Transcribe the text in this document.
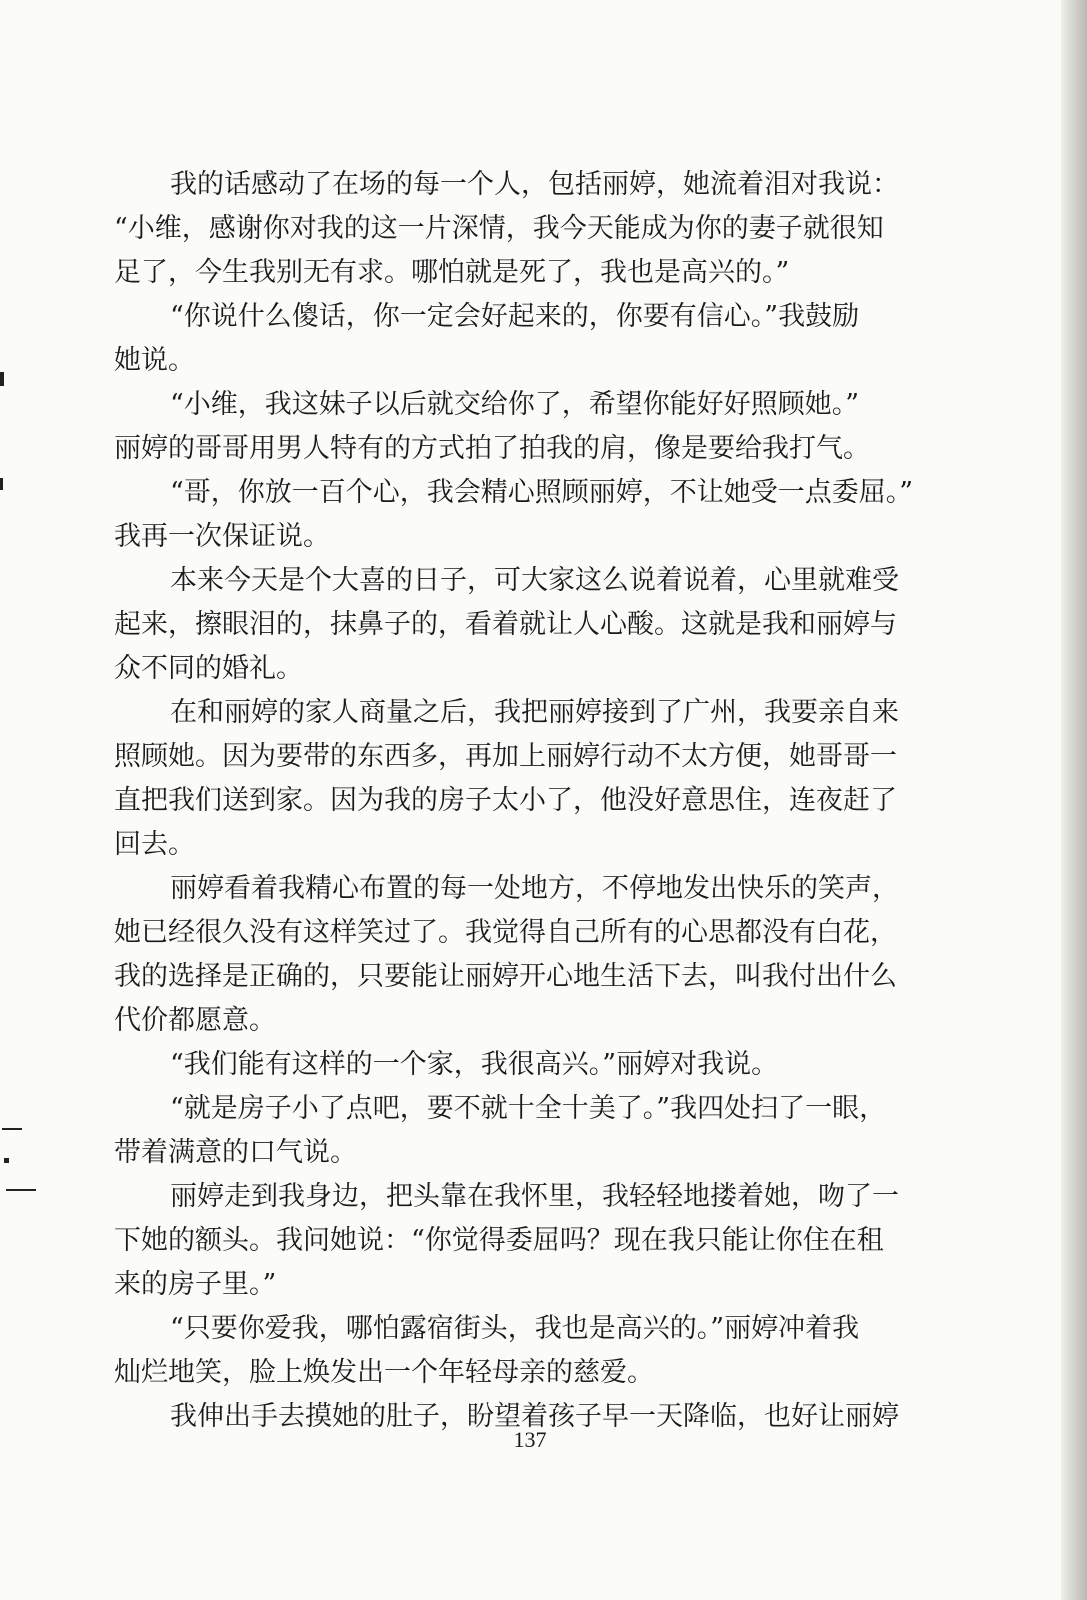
我的话感动了在场的每一个人，包括丽婷，她流着泪对我说：
“小维，感谢你对我的这一片深情，我今天能成为你的妻子就很知
足了，今生我别无有求。哪怕就是死了，我也是高兴的。”
“你说什么傻话，你一定会好起来的，你要有信心。”我鼓励
她说。
“小维，我这妹子以后就交给你了，希望你能好好照顾她。”
丽婷的哥哥用男人特有的方式拍了拍我的肩，像是要给我打气。
“哥，你放一百个心，我会精心照顾丽婷，不让她受一点委屈。”
我再一次保证说。
本来今天是个大喜的日子，可大家这么说着说着，心里就难受
起来，擦眼泪的，抹鼻子的，看着就让人心酸。这就是我和丽婷与
众不同的婚礼。
在和丽婷的家人商量之后，我把丽婷接到了广州，我要亲自来
照顾她。因为要带的东西多，再加上丽婷行动不太方便，她哥哥一
直把我们送到家。因为我的房子太小了，他没好意思住，连夜赶了
回去。
丽婷看着我精心布置的每一处地方，不停地发出快乐的笑声，
她已经很久没有这样笑过了。我觉得自己所有的心思都没有白花，
我的选择是正确的，只要能让丽婷开心地生活下去，叫我付出什么
代价都愿意。
“我们能有这样的一个家，我很高兴。”丽婷对我说。
“就是房子小了点吧，要不就十全十美了。”我四处扫了一眼，
带着满意的口气说。
丽婷走到我身边，把头靠在我怀里，我轻轻地搂着她，吻了一
下她的额头。我问她说：“你觉得委屈吗？现在我只能让你住在租
来的房子里。”
“只要你爱我，哪怕露宿街头，我也是高兴的。”丽婷冲着我
灿烂地笑，脸上焕发出一个年轻母亲的慈爱。
我伸出手去摸她的肚子，盼望着孩子早一天降临，也好让丽婷
137
